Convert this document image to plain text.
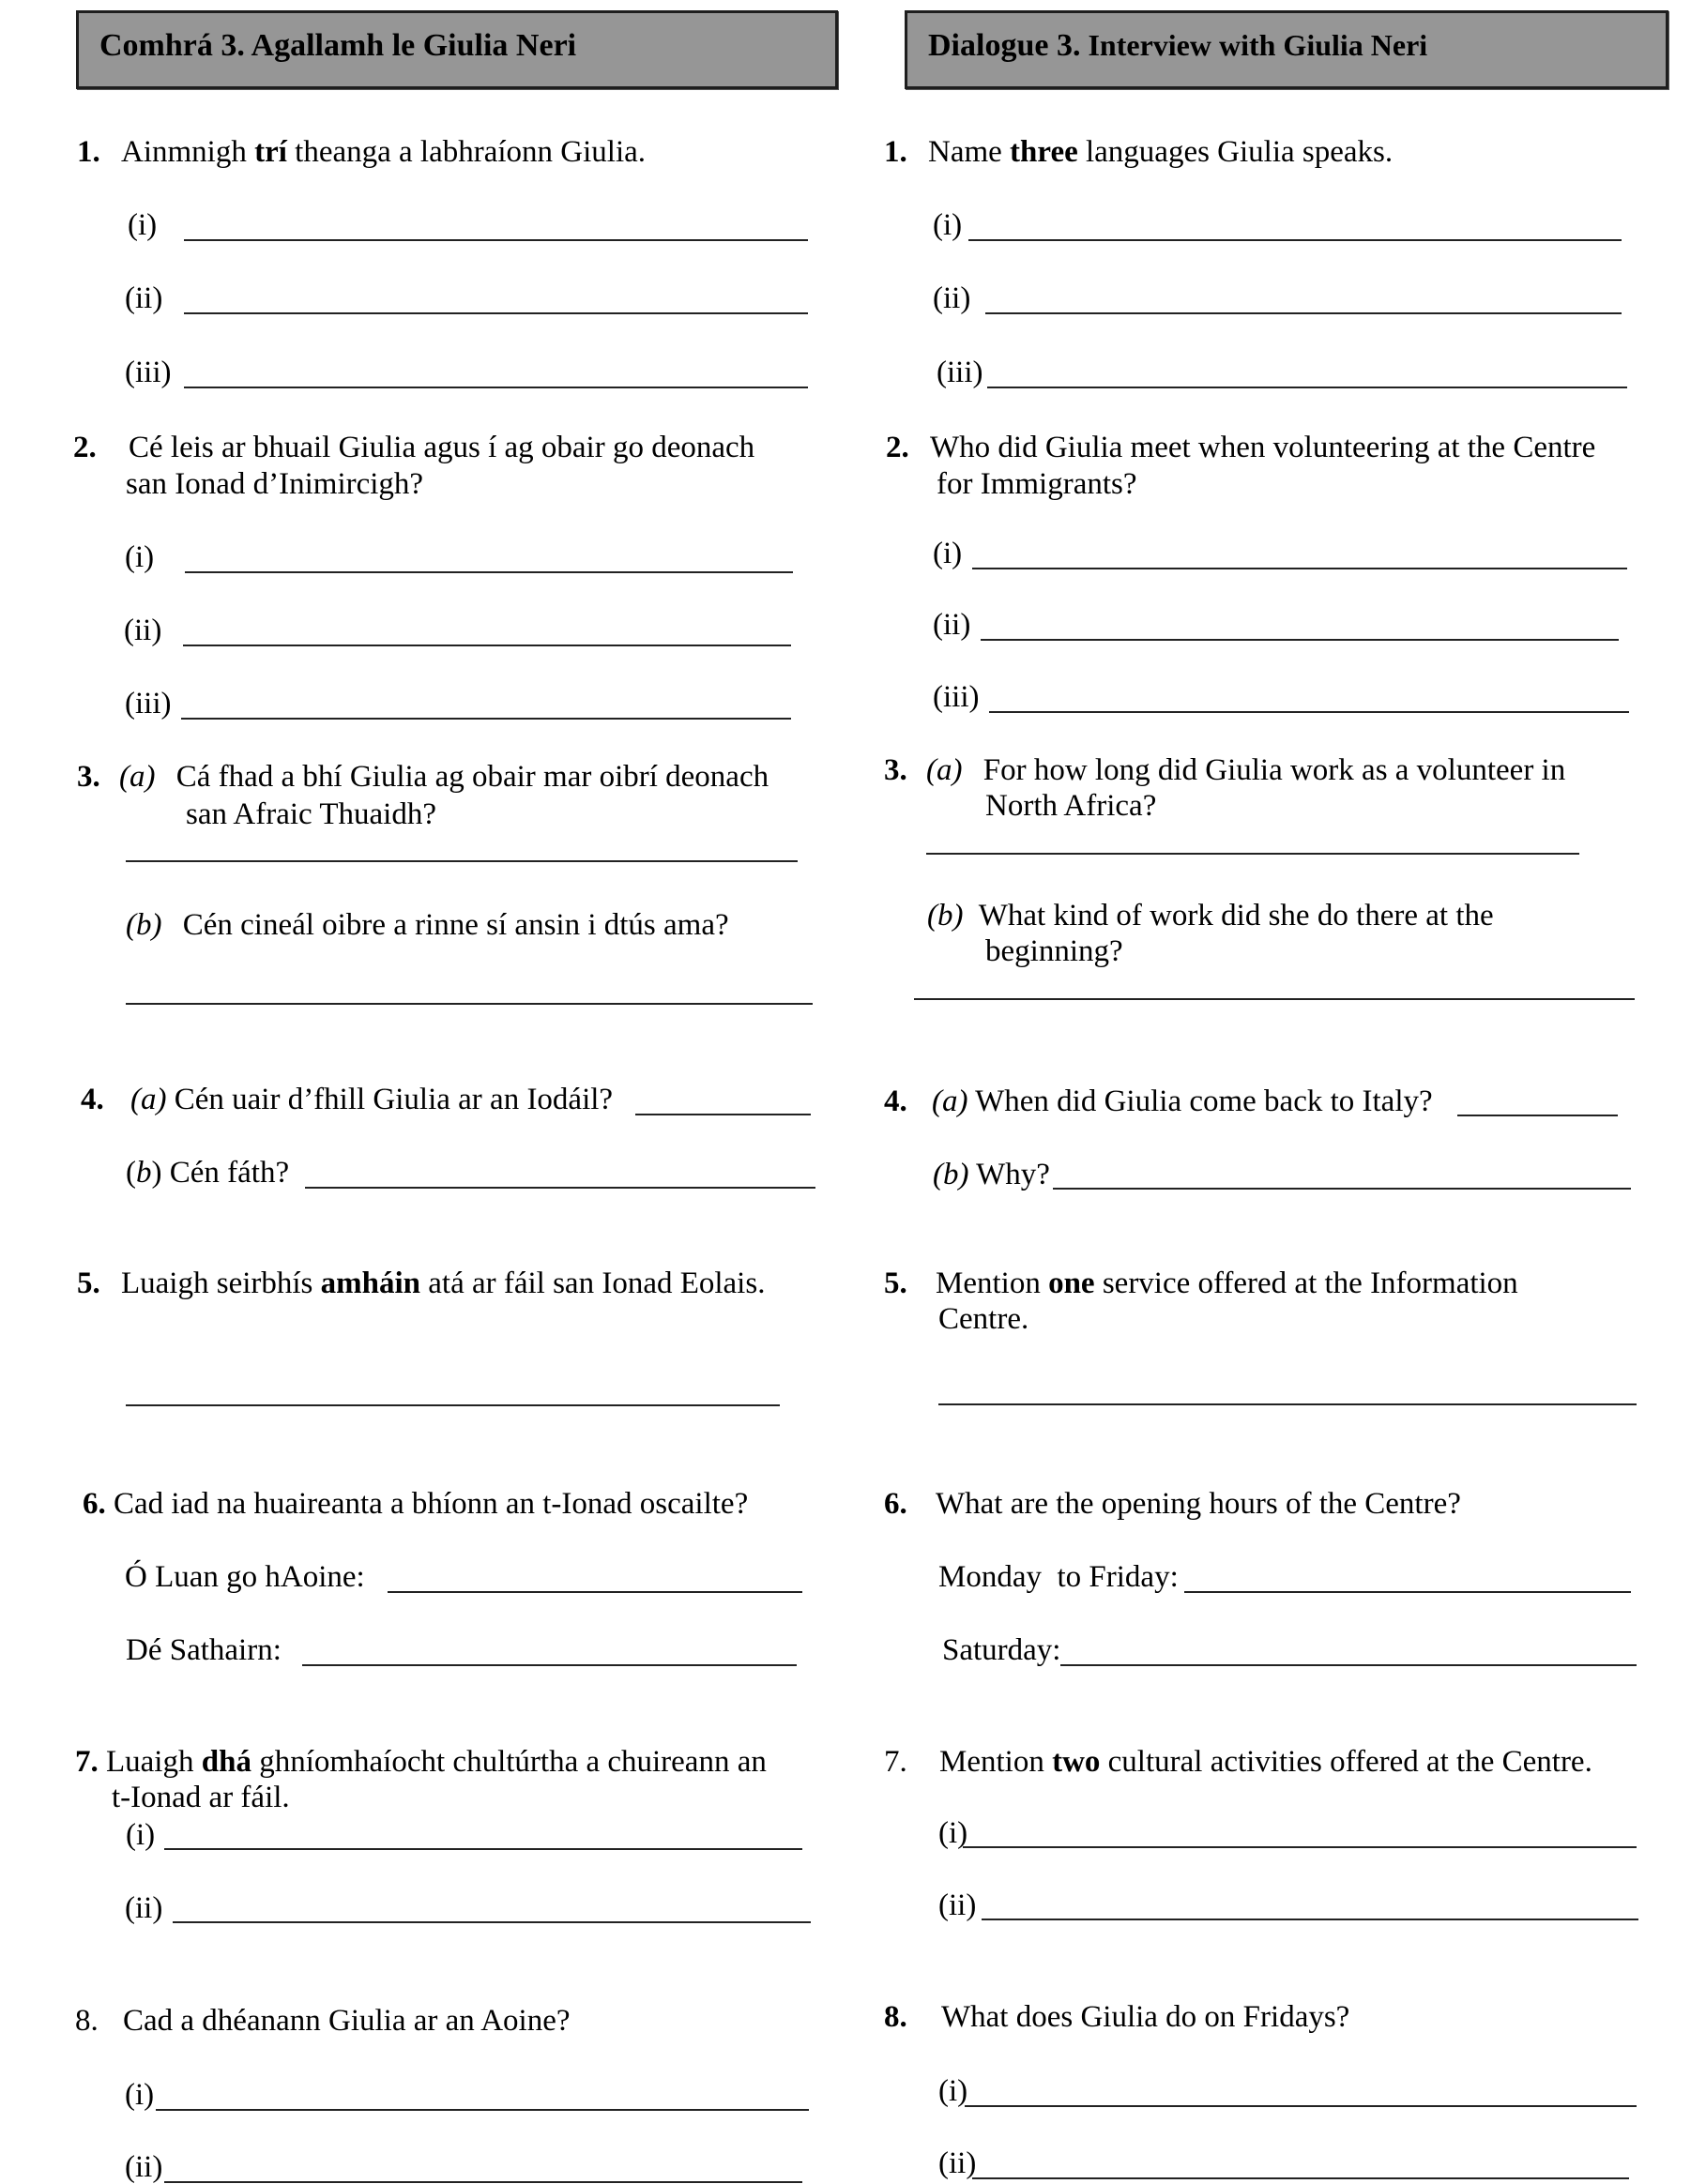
Comhrá 3. Agallamh le Giulia Neri
1. Ainmnigh trí theanga a labhraíonn Giulia.
(i)
(ii)
(iii)
2. Cé leis ar bhuail Giulia agus í ag obair go deonach
san Ionad d’Inimircigh?
(i)
(ii)
(iii)
3. (a) Cá fhad a bhí Giulia ag obair mar oibrí deonach
san Afraic Thuaidh?
(b) Cén cineál oibre a rinne sí ansin i dtús ama?
4. (a) Cén uair d’fhill Giulia ar an Iodáil?
(b) Cén fáth?
5. Luaigh seirbhís amháin atá ar fáil san Ionad Eolais.
6. Cad iad na huaireanta a bhíonn an t-Ionad oscailte?
Ó Luan go hAoine:
Dé Sathairn:
7. Luaigh dhá ghníomhaíocht chultúrtha a chuireann an
t-Ionad ar fáil.
(i)
(ii)
8. Cad a dhéanann Giulia ar an Aoine?
(i)
(ii)
Dialogue 3. Interview with Giulia Neri
1. Name three languages Giulia speaks.
(i)
(ii)
(iii)
2. Who did Giulia meet when volunteering at the Centre
for Immigrants?
(i)
(ii)
(iii)
3. (a) For how long did Giulia work as a volunteer in
North Africa?
(b) What kind of work did she do there at the
beginning?
4. (a) When did Giulia come back to Italy?
(b) Why?
5. Mention one service offered at the Information
Centre.
6. What are the opening hours of the Centre?
Monday  to Friday:
Saturday:
7. Mention two cultural activities offered at the Centre.
(i)
(ii)
8. What does Giulia do on Fridays?
(i)
(ii)
